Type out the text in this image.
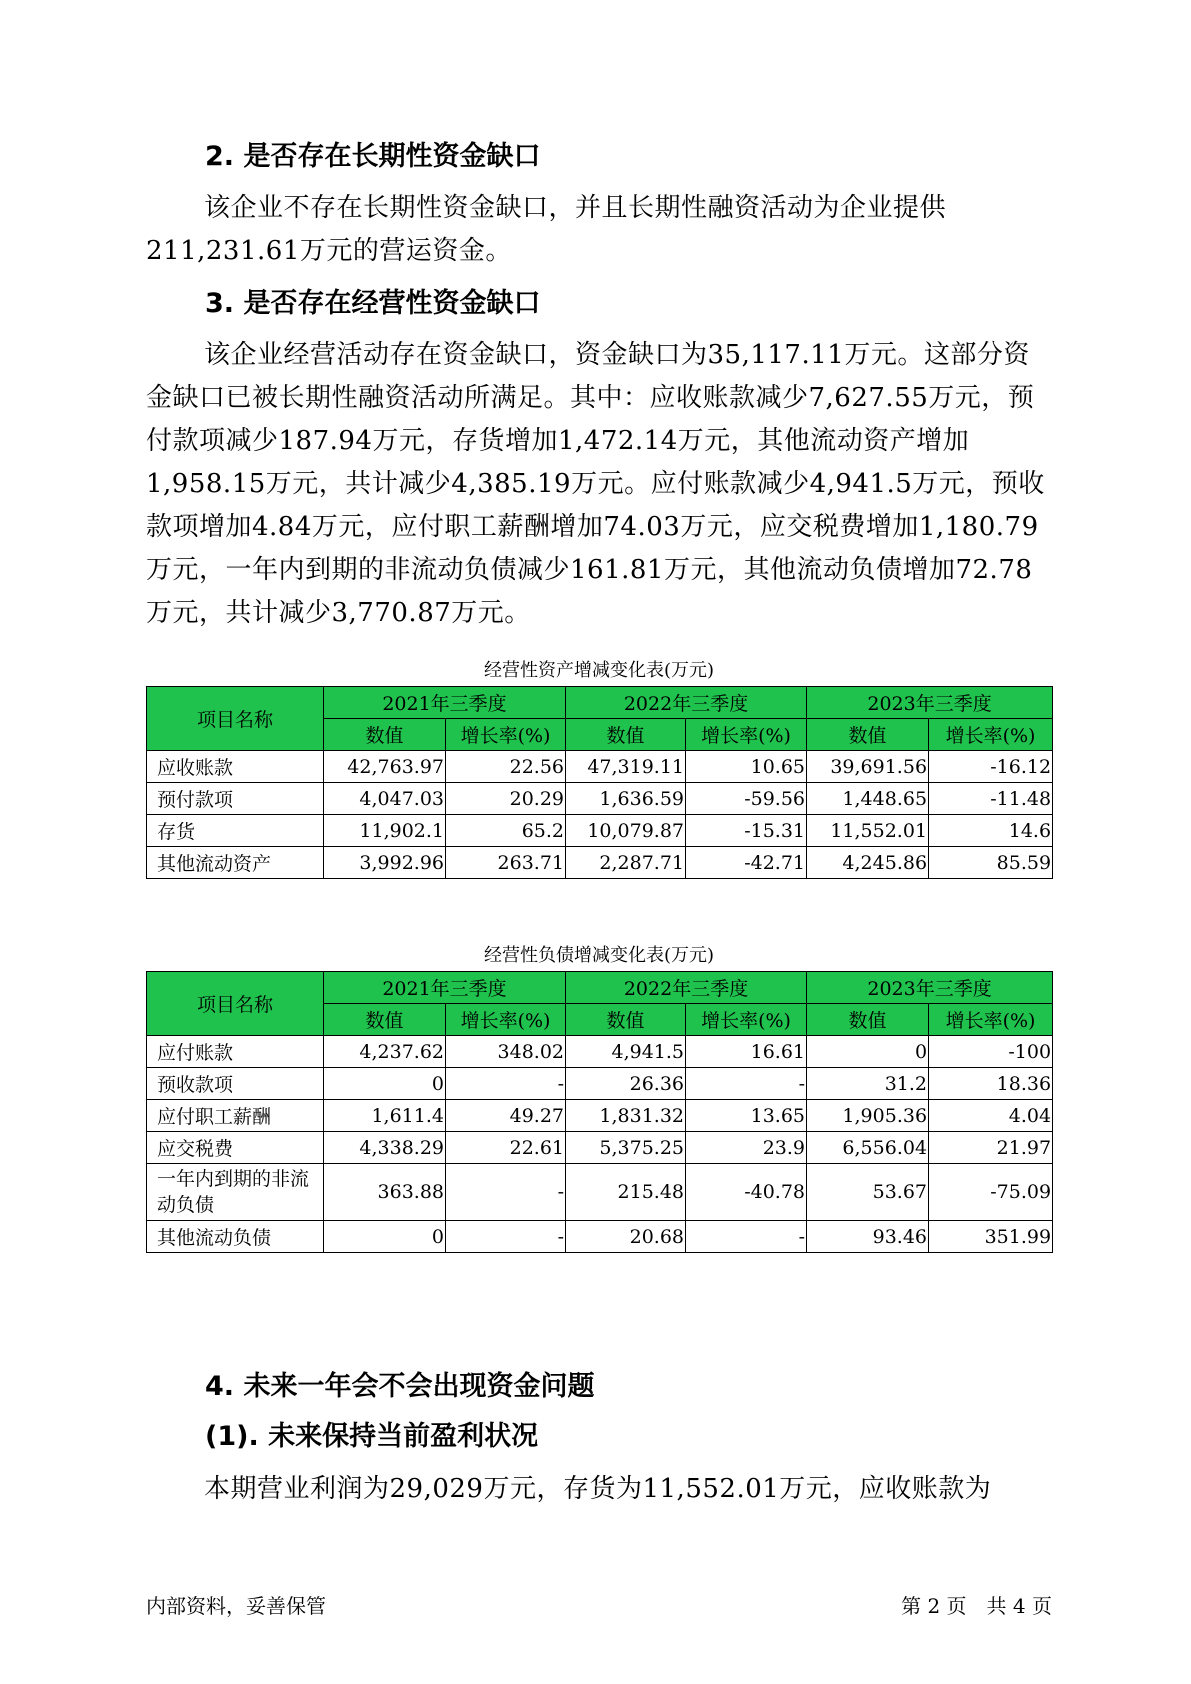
2. 是否存在长期性资金缺口

该企业不存在长期性资金缺口，并且长期性融资活动为企业提供211,231.61万元的营运资金。

3. 是否存在经营性资金缺口

该企业经营活动存在资金缺口，资金缺口为35,117.11万元。这部分资金缺口已被长期性融资活动所满足。其中：应收账款减少7,627.55万元，预付款项减少187.94万元，存货增加1,472.14万元，其他流动资产增加1,958.15万元，共计减少4,385.19万元。应付账款减少4,941.5万元，预收款项增加4.84万元，应付职工薪酬增加74.03万元，应交税费增加1,180.79万元，一年内到期的非流动负债减少161.81万元，其他流动负债增加72.78万元，共计减少3,770.87万元。

经营性资产增减变化表(万元)
项目名称	2021年三季度		2022年三季度		2023年三季度	
	数值	增长率(%)	数值	增长率(%)	数值	增长率(%)
应收账款	42,763.97	22.56	47,319.11	10.65	39,691.56	-16.12
预付款项	4,047.03	20.29	1,636.59	-59.56	1,448.65	-11.48
存货	11,902.1	65.2	10,079.87	-15.31	11,552.01	14.6
其他流动资产	3,992.96	263.71	2,287.71	-42.71	4,245.86	85.59
经营性负债增减变化表(万元)
项目名称	2021年三季度		2022年三季度		2023年三季度	
	数值	增长率(%)	数值	增长率(%)	数值	增长率(%)
应付账款	4,237.62	348.02	4,941.5	16.61	0	-100
预收款项	0	-	26.36	-	31.2	18.36
应付职工薪酬	1,611.4	49.27	1,831.32	13.65	1,905.36	4.04
应交税费	4,338.29	22.61	5,375.25	23.9	6,556.04	21.97
一年内到期的非流动负债	363.88	-	215.48	-40.78	53.67	-75.09
其他流动负债	0	-	20.68	-	93.46	351.99
4. 未来一年会不会出现资金问题
(1). 未来保持当前盈利状况

本期营业利润为29,029万元，存货为11,552.01万元，应收账款为

内部资料，妥善保管	第 2 页　共 4 页
